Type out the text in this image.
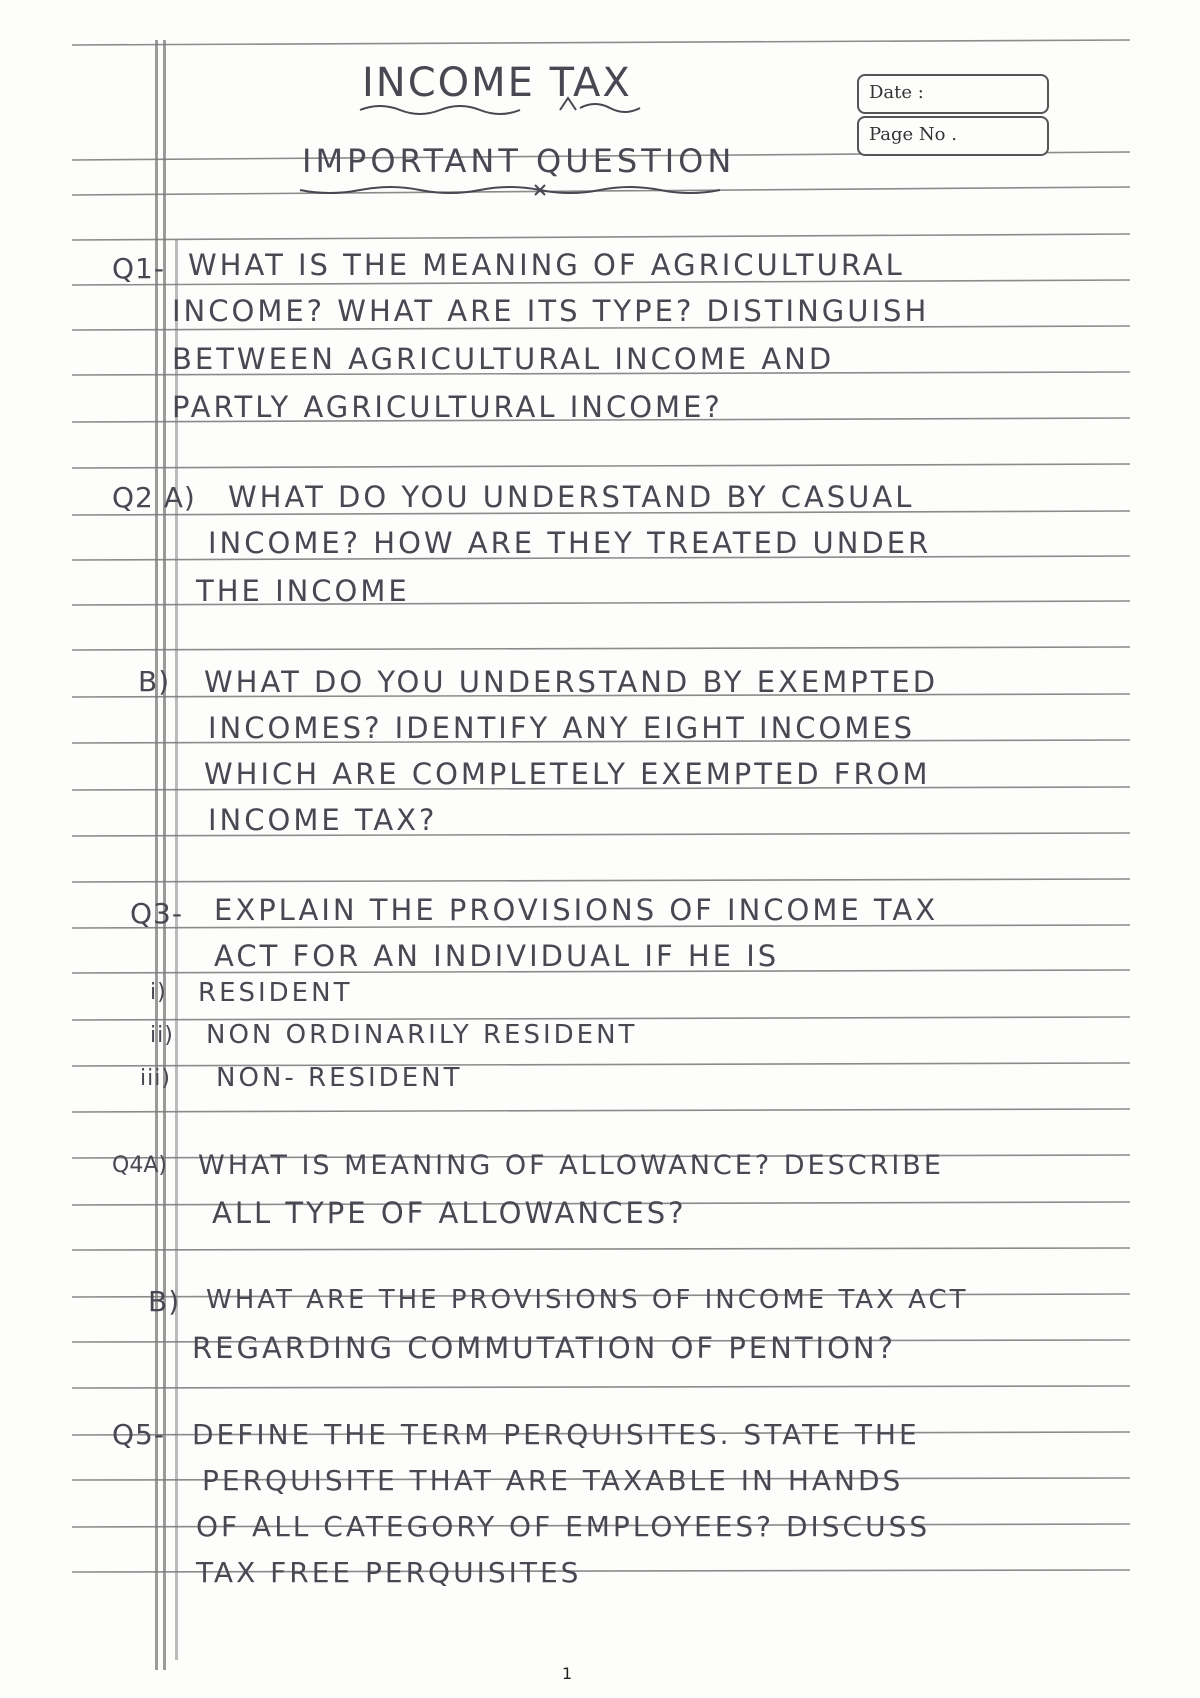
INCOME TAX
IMPORTANT QUESTION
Date :
Page No .
Q1- WHAT IS THE MEANING OF AGRICULTURAL
INCOME? WHAT ARE ITS TYPE? DISTINGUISH
BETWEEN AGRICULTURAL INCOME AND
PARTLY AGRICULTURAL INCOME?
Q2 A) WHAT DO YOU UNDERSTAND BY CASUAL
INCOME? HOW ARE THEY TREATED UNDER
THE INCOME
B) WHAT DO YOU UNDERSTAND BY EXEMPTED
INCOMES? IDENTIFY ANY EIGHT INCOMES
WHICH ARE COMPLETELY EXEMPTED FROM
INCOME TAX?
Q3- EXPLAIN THE PROVISIONS OF INCOME TAX
ACT FOR AN INDIVIDUAL IF HE IS
i) RESIDENT
ii) NON ORDINARILY RESIDENT
iii) NON- RESIDENT
Q4A) WHAT IS MEANING OF ALLOWANCE? DESCRIBE
ALL TYPE OF ALLOWANCES?
B) WHAT ARE THE PROVISIONS OF INCOME TAX ACT
REGARDING COMMUTATION OF PENTION?
Q5- DEFINE THE TERM PERQUISITES. STATE THE
PERQUISITE THAT ARE TAXABLE IN HANDS
OF ALL CATEGORY OF EMPLOYEES? DISCUSS
TAX FREE PERQUISITES
1
